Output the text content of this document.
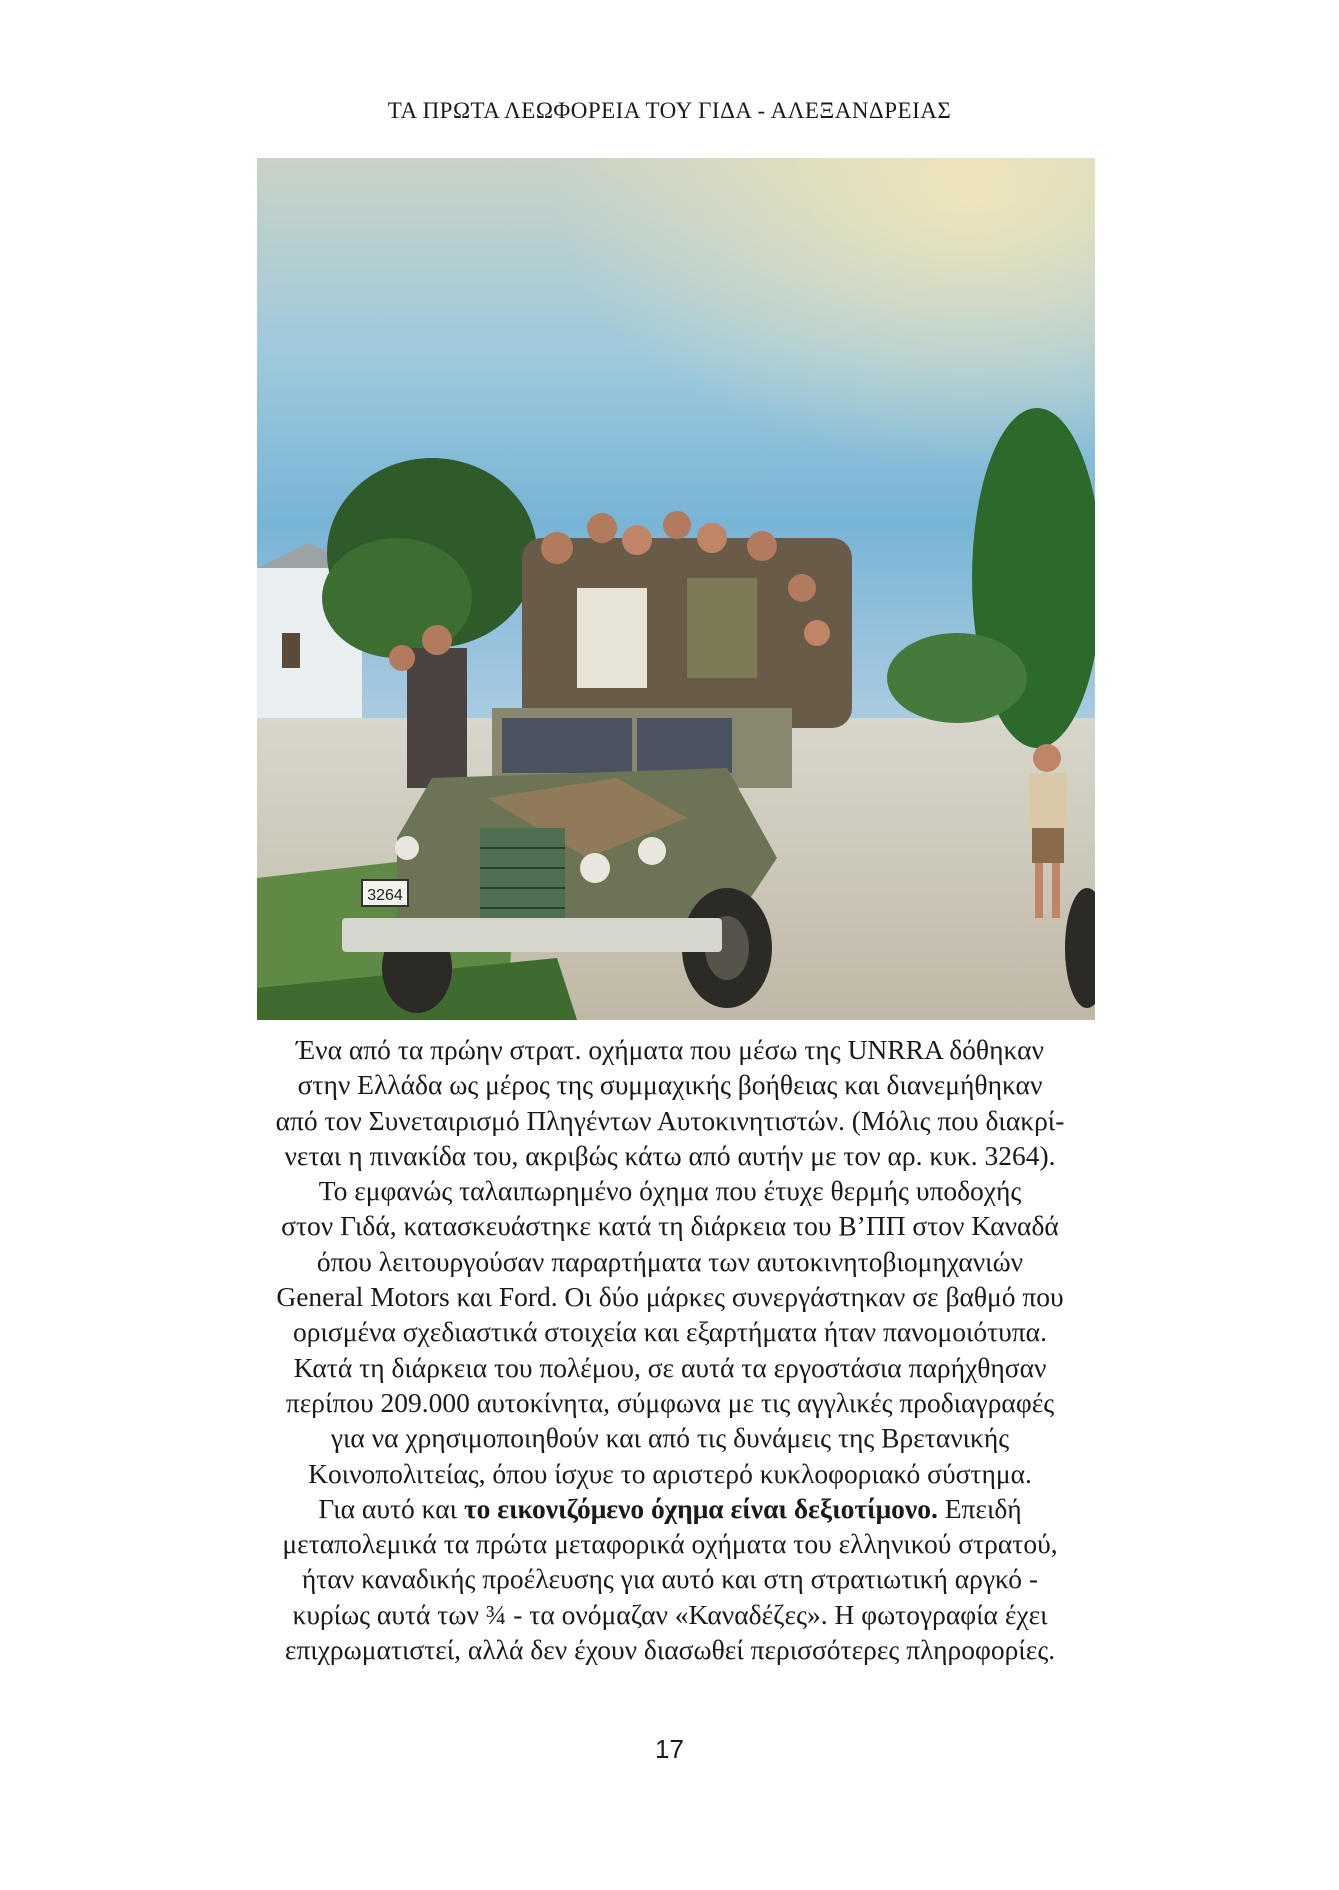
ΤΑ ΠΡΩΤΑ ΛΕΩΦΟΡΕΙΑ ΤΟΥ ΓΙΔΑ - ΑΛΕΞΑΝΔΡΕΙΑΣ
3264
Ένα από τα πρώην στρατ. οχήματα που μέσω της UNRRA δόθηκαν
στην Ελλάδα ως μέρος της συμμαχικής βοήθειας και διανεμήθηκαν
από τον Συνεταιρισμό Πληγέντων Αυτοκινητιστών. (Μόλις που διακρί-
νεται η πινακίδα του, ακριβώς κάτω από αυτήν με τον αρ. κυκ. 3264).
Το εμφανώς ταλαιπωρημένο όχημα που έτυχε θερμής υποδοχής
στον Γιδά, κατασκευάστηκε κατά τη διάρκεια του Β’ΠΠ στον Καναδά
όπου λειτουργούσαν παραρτήματα των αυτοκινητοβιομηχανιών
General Motors και Ford. Οι δύο μάρκες συνεργάστηκαν σε βαθμό που
ορισμένα σχεδιαστικά στοιχεία και εξαρτήματα ήταν πανομοιότυπα.
Κατά τη διάρκεια του πολέμου, σε αυτά τα εργοστάσια παρήχθησαν
περίπου 209.000 αυτοκίνητα, σύμφωνα με τις αγγλικές προδιαγραφές
για να χρησιμοποιηθούν και από τις δυνάμεις της Βρετανικής
Κοινοπολιτείας, όπου ίσχυε το αριστερό κυκλοφοριακό σύστημα.
Για αυτό και το εικονιζόμενο όχημα είναι δεξιοτίμονο. Επειδή
μεταπολεμικά τα πρώτα μεταφορικά οχήματα του ελληνικού στρατού,
ήταν καναδικής προέλευσης για αυτό και στη στρατιωτική αργκό -
κυρίως αυτά των ¾ - τα ονόμαζαν «Καναδέζες». Η φωτογραφία έχει
επιχρωματιστεί, αλλά δεν έχουν διασωθεί περισσότερες πληροφορίες.
17
